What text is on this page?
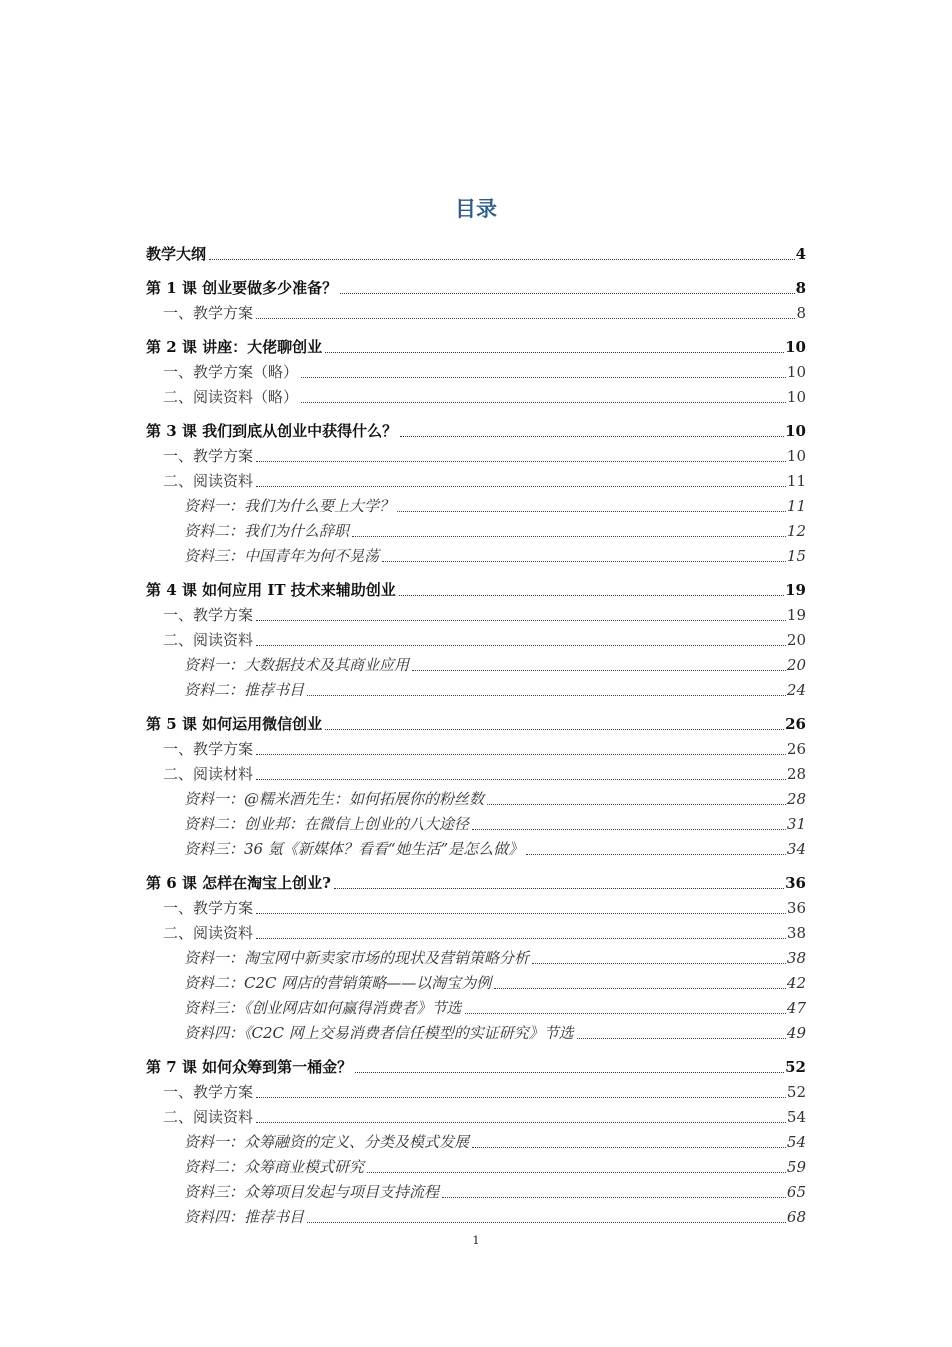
目录
教学大纲	4
第 1 课 创业要做多少准备？	8
一、教学方案	8
第 2 课 讲座：大佬聊创业	10
一、教学方案（略）	10
二、阅读资料（略）	10
第 3 课 我们到底从创业中获得什么？	10
一、教学方案	10
二、阅读资料	11
资料一：我们为什么要上大学？	11
资料二：我们为什么辞职	12
资料三：中国青年为何不晃荡	15
第 4 课 如何应用 IT 技术来辅助创业	19
一、教学方案	19
二、阅读资料	20
资料一：大数据技术及其商业应用	20
资料二：推荐书目	24
第 5 课 如何运用微信创业	26
一、教学方案	26
二、阅读材料	28
资料一：@糯米酒先生：如何拓展你的粉丝数	28
资料二：创业邦：在微信上创业的八大途径	31
资料三：36 氪《新媒体？看看“她生活”是怎么做》	34
第 6 课 怎样在淘宝上创业?	36
一、教学方案	36
二、阅读资料	38
资料一：淘宝网中新卖家市场的现状及营销策略分析	38
资料二：C2C 网店的营销策略——以淘宝为例	42
资料三：《创业网店如何赢得消费者》节选	47
资料四：《C2C 网上交易消费者信任模型的实证研究》节选	49
第 7 课 如何众筹到第一桶金？	52
一、教学方案	52
二、阅读资料	54
资料一：众筹融资的定义、分类及模式发展	54
资料二：众筹商业模式研究	59
资料三：众筹项目发起与项目支持流程	65
资料四：推荐书目	68
1
